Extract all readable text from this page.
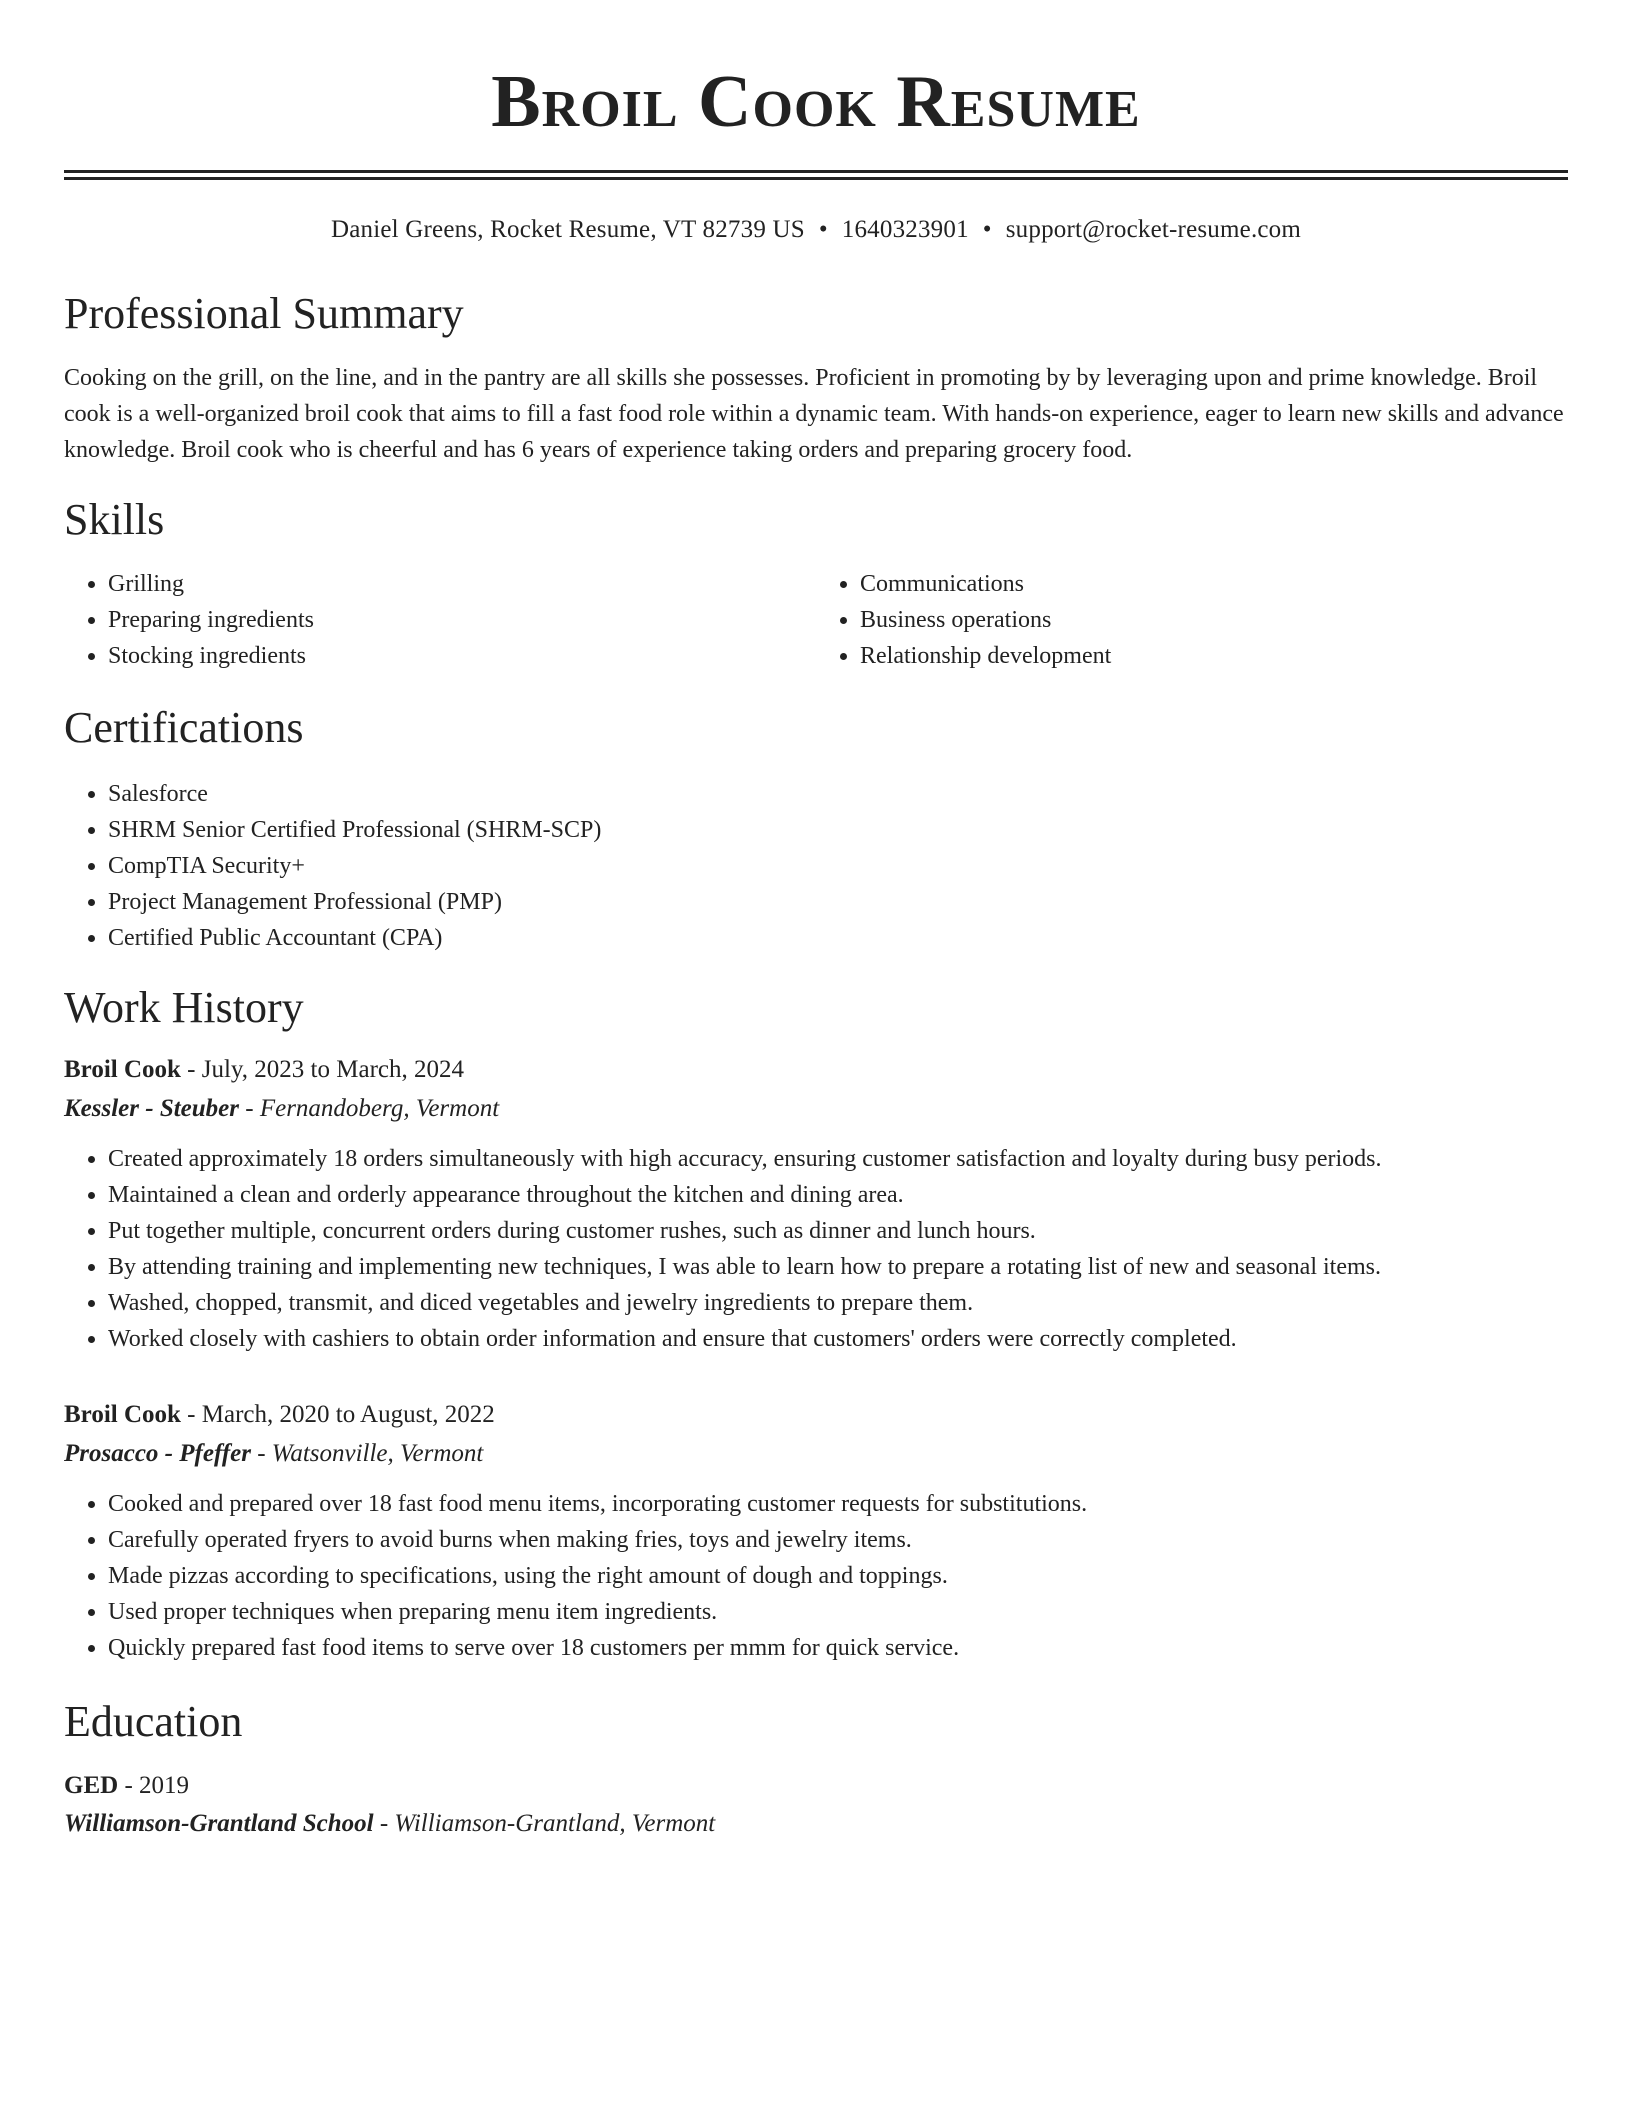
Broil Cook Resume
Daniel Greens, Rocket Resume, VT 82739 US • 1640323901 • support@rocket-resume.com
Professional Summary

Cooking on the grill, on the line, and in the pantry are all skills she possesses. Proficient in promoting by by leveraging upon and prime knowledge. Broil cook is a well-organized broil cook that aims to fill a fast food role within a dynamic team. With hands-on experience, eager to learn new skills and advance knowledge. Broil cook who is cheerful and has 6 years of experience taking orders and preparing grocery food.

Skills
• Grilling
• Preparing ingredients
• Stocking ingredients
• Communications
• Business operations
• Relationship development
Certifications
• Salesforce
• SHRM Senior Certified Professional (SHRM-SCP)
• CompTIA Security+
• Project Management Professional (PMP)
• Certified Public Accountant (CPA)
Work History
Broil Cook - July, 2023 to March, 2024
Kessler - Steuber - Fernandoberg, Vermont
• Created approximately 18 orders simultaneously with high accuracy, ensuring customer satisfaction and loyalty during busy periods.
• Maintained a clean and orderly appearance throughout the kitchen and dining area.
• Put together multiple, concurrent orders during customer rushes, such as dinner and lunch hours.
• By attending training and implementing new techniques, I was able to learn how to prepare a rotating list of new and seasonal items.
• Washed, chopped, transmit, and diced vegetables and jewelry ingredients to prepare them.
• Worked closely with cashiers to obtain order information and ensure that customers' orders were correctly completed.
Broil Cook - March, 2020 to August, 2022
Prosacco - Pfeffer - Watsonville, Vermont
• Cooked and prepared over 18 fast food menu items, incorporating customer requests for substitutions.
• Carefully operated fryers to avoid burns when making fries, toys and jewelry items.
• Made pizzas according to specifications, using the right amount of dough and toppings.
• Used proper techniques when preparing menu item ingredients.
• Quickly prepared fast food items to serve over 18 customers per mmm for quick service.
Education
GED - 2019
Williamson-Grantland School - Williamson-Grantland, Vermont
